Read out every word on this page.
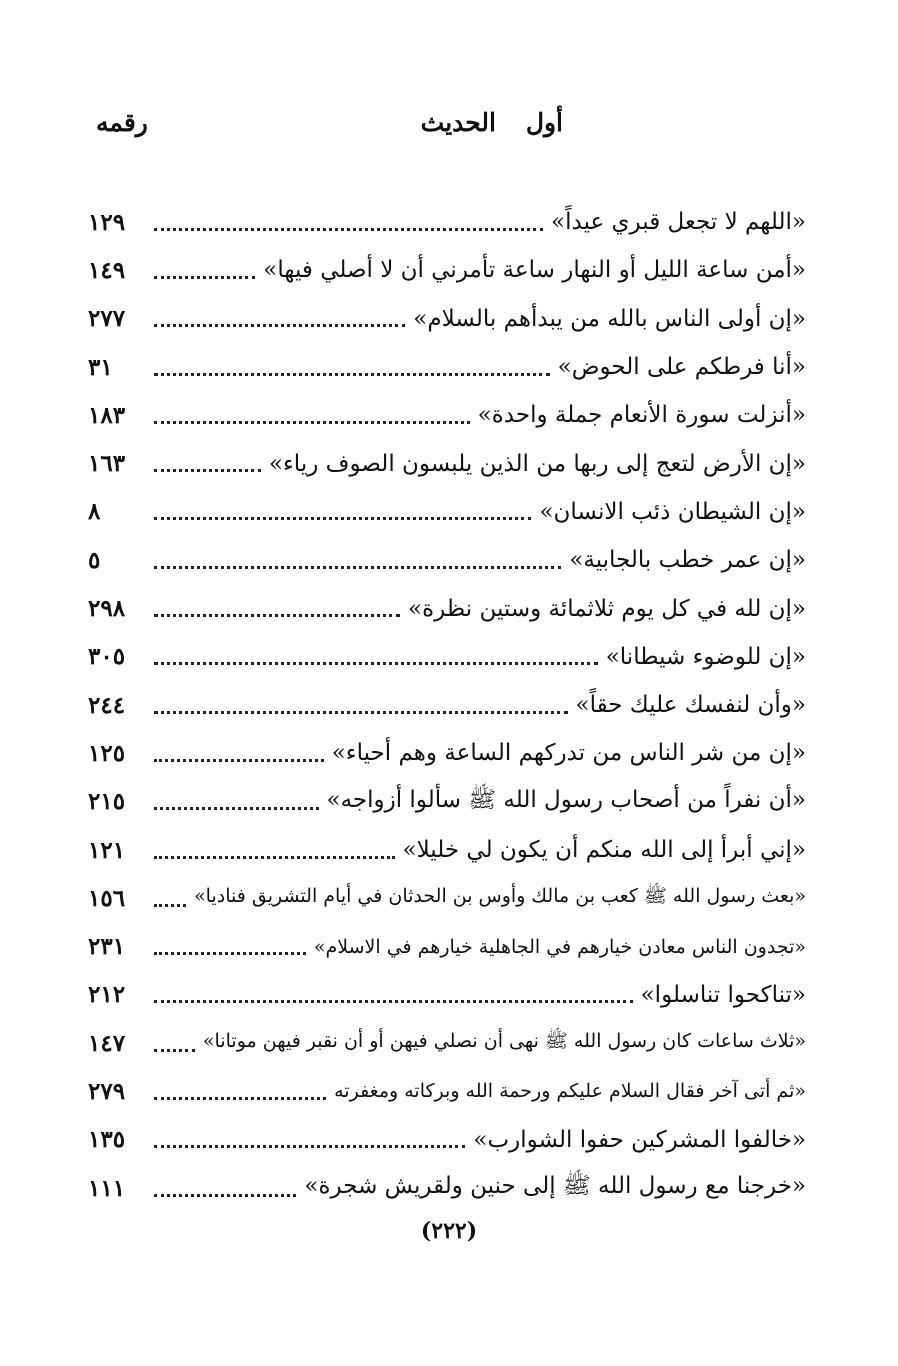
أول
الحديث
رقمه
«اللهم لا تجعل قبري عيداً»
١٢٩
«أمن ساعة الليل أو النهار ساعة تأمرني أن لا أصلي فيها»
١٤٩
«إن أولى الناس بالله من يبدأهم بالسلام»
٢٧٧
«أنا فرطكم على الحوض»
٣١
«أنزلت سورة الأنعام جملة واحدة»
١٨٣
«إن الأرض لتعج إلى ربها من الذين يلبسون الصوف رياء»
١٦٣
«إن الشيطان ذئب الانسان»
٨
«إن عمر خطب بالجابية»
٥
«إن لله في كل يوم ثلاثمائة وستين نظرة»
٢٩٨
«إن للوضوء شيطانا»
٣٠٥
«وأن لنفسك عليك حقاً»
٢٤٤
«إن من شر الناس من تدركهم الساعة وهم أحياء»
١٢٥
«أن نفراً من أصحاب رسول الله ﷺ سألوا أزواجه»
٢١٥
«إني أبرأ إلى الله منكم أن يكون لي خليلا»
١٢١
«بعث رسول الله ﷺ كعب بن مالك وأوس بن الحدثان في أيام التشريق فناديا»
١٥٦
«تجدون الناس معادن خيارهم في الجاهلية خيارهم في الاسلام»
٢٣١
«تناكحوا تناسلوا»
٢١٢
«ثلاث ساعات كان رسول الله ﷺ نهى أن نصلي فيهن أو أن نقبر فيهن موتانا»
١٤٧
«ثم أتى آخر فقال السلام عليكم ورحمة الله وبركاته ومغفرته
٢٧٩
«خالفوا المشركين حفوا الشوارب»
١٣٥
«خرجنا مع رسول الله ﷺ إلى حنين ولقريش شجرة»
١١١
(٢٢٢)
